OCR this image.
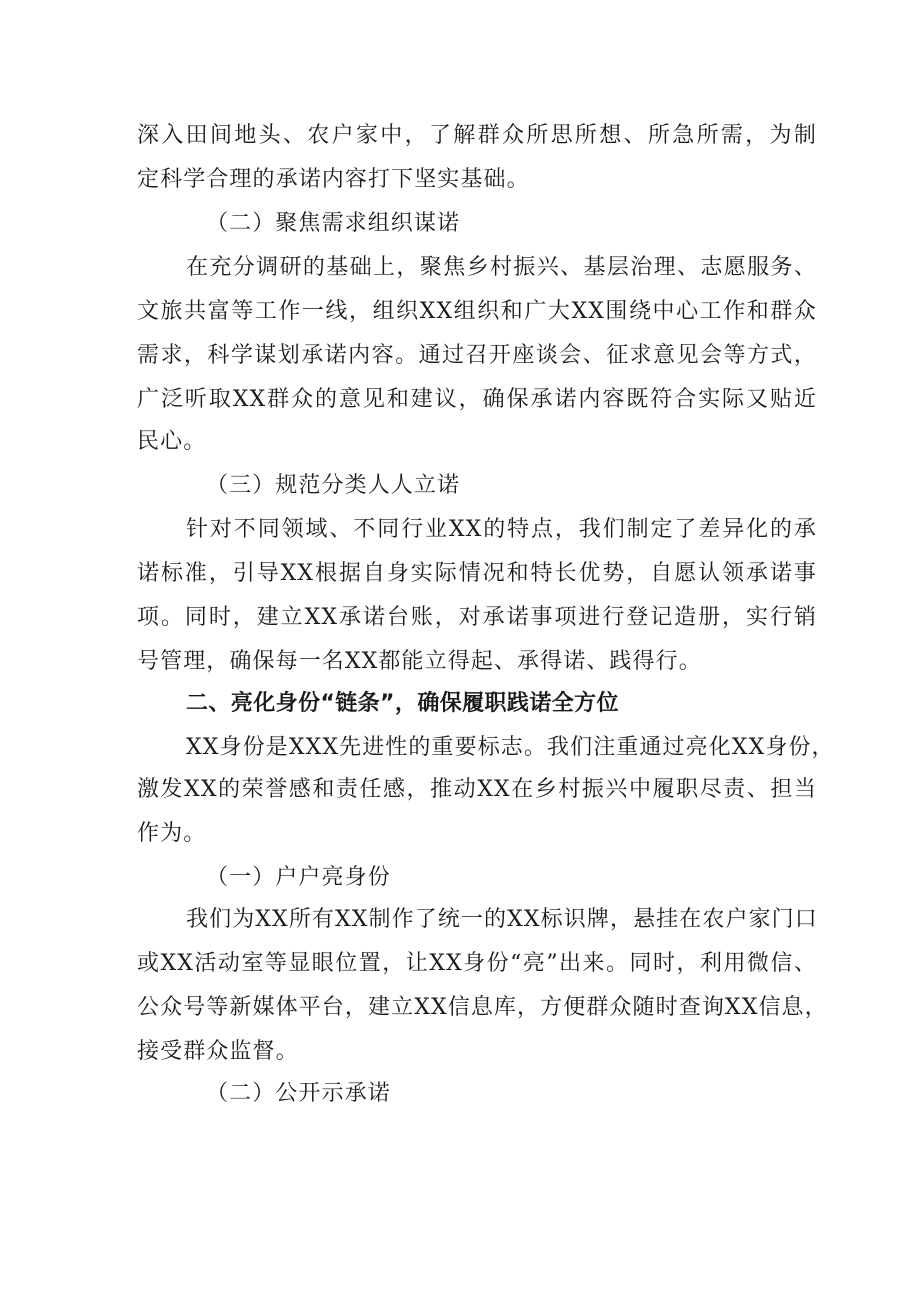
深入田间地头、农户家中，了解群众所思所想、所急所需，为制
定科学合理的承诺内容打下坚实基础。
（二）聚焦需求组织谋诺
在充分调研的基础上，聚焦乡村振兴、基层治理、志愿服务、
文旅共富等工作一线，组织XX组织和广大XX围绕中心工作和群众
需求，科学谋划承诺内容。通过召开座谈会、征求意见会等方式，
广泛听取XX群众的意见和建议，确保承诺内容既符合实际又贴近
民心。
（三）规范分类人人立诺
针对不同领域、不同行业XX的特点，我们制定了差异化的承
诺标准，引导XX根据自身实际情况和特长优势，自愿认领承诺事
项。同时，建立XX承诺台账，对承诺事项进行登记造册，实行销
号管理，确保每一名XX都能立得起、承得诺、践得行。
二、亮化身份“链条”，确保履职践诺全方位
XX身份是XXX先进性的重要标志。我们注重通过亮化XX身份，
激发XX的荣誉感和责任感，推动XX在乡村振兴中履职尽责、担当
作为。
（一）户户亮身份
我们为XX所有XX制作了统一的XX标识牌，悬挂在农户家门口
或XX活动室等显眼位置，让XX身份“亮”出来。同时，利用微信、
公众号等新媒体平台，建立XX信息库，方便群众随时查询XX信息，
接受群众监督。
（二）公开示承诺
